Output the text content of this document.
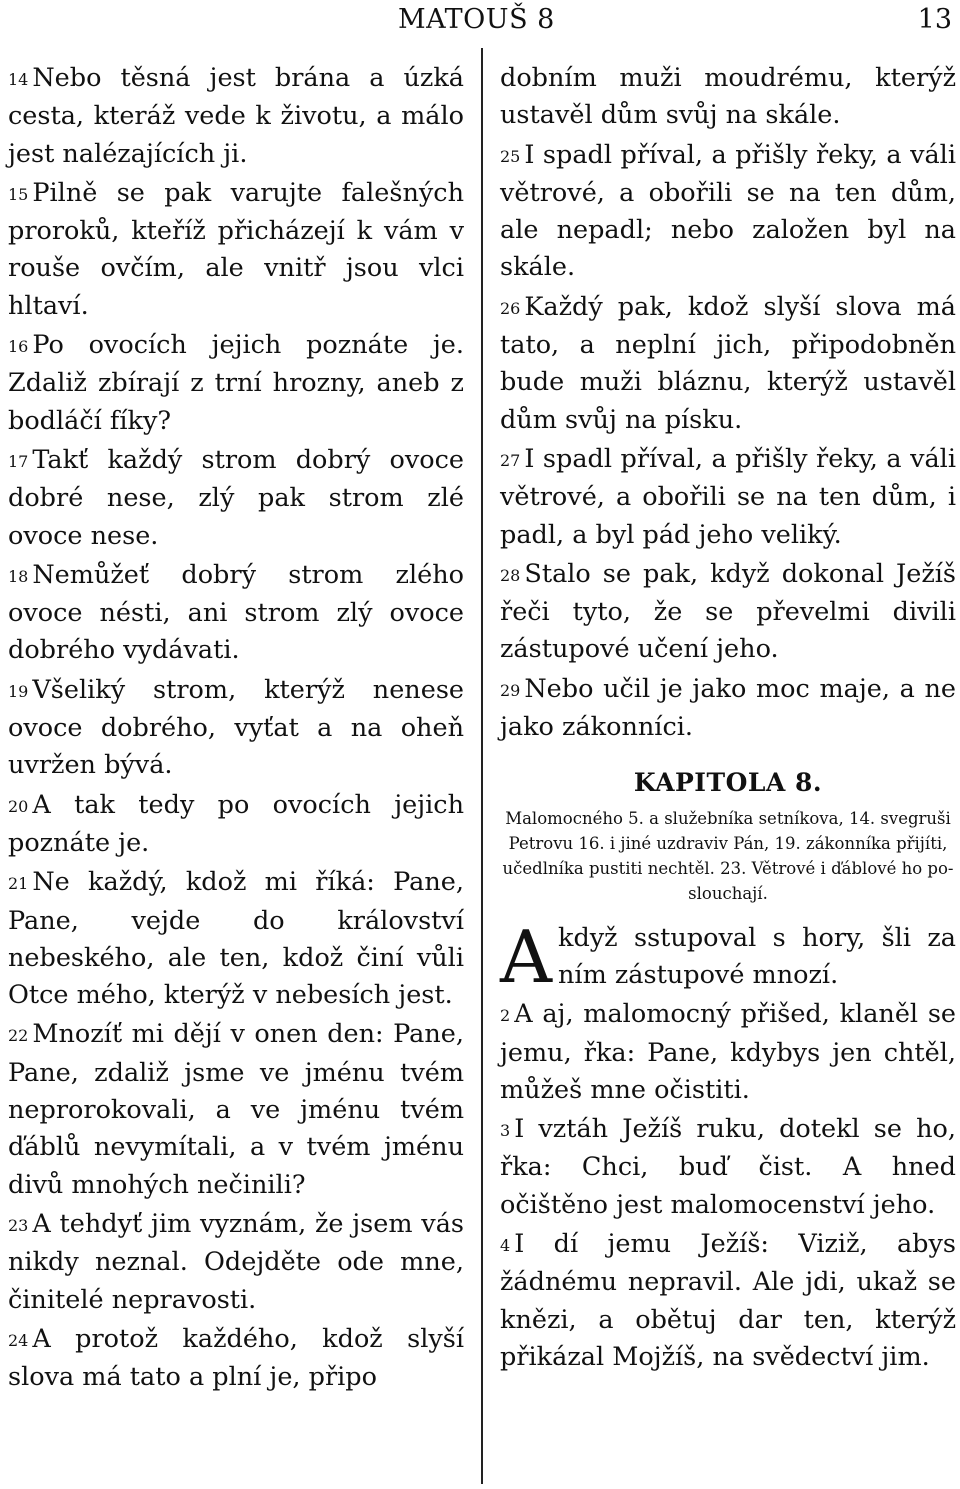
MATOUŠ 8	13

14 Nebo těsná jest brána a úzká cesta, kteráž vede k životu, a málo jest nalézajících ji.

15 Pilně se pak varujte falešných proroků, kteříž přicházejí k vám v rouše ovčím, ale vnitř jsou vlci hltaví.

16 Po ovocích jejich poznáte je. Zdaliž zbírají z trní hrozny, aneb z bodláčí fíky?

17 Takť každý strom dobrý ovoce dobré nese, zlý pak strom zlé ovoce nese.

18 Nemůžeť dobrý strom zlého ovoce nésti, ani strom zlý ovoce dobrého vydávati.

19 Všeliký strom, kterýž nenese ovoce dobrého, vyťat a na oheň uvržen bývá.

20 A tak tedy po ovocích jejich poznáte je.

21 Ne každý, kdož mi říká: Pane, Pane, vejde do království nebeského, ale ten, kdož činí vůli Otce mého, kterýž v nebesích jest.

22 Mnozíť mi dějí v onen den: Pane, Pane, zdaliž jsme ve jménu tvém neprorokovali, a ve jménu tvém ďáblů nevymítali, a v tvém jménu divů mnohých nečinili?

23 A tehdyť jim vyznám, že jsem vás nikdy neznal. Odejděte ode mne, činitelé nepravosti.

24 A protož každého, kdož slyší slova má tato a plní je, připo

dobním muži moudrému, kterýž ustavěl dům svůj na skále.

25 I spadl příval, a přišly řeky, a váli větrové, a obořili se na ten dům, ale nepadl; nebo založen byl na skále.

26 Každý pak, kdož slyší slova má tato, a neplní jich, připodobněn bude muži bláznu, kterýž ustavěl dům svůj na písku.

27 I spadl příval, a přišly řeky, a váli větrové, a obořili se na ten dům, i padl, a byl pád jeho veliký.

28 Stalo se pak, když dokonal Ježíš řeči tyto, že se převelmi divili zástupové učení jeho.

29 Nebo učil je jako moc maje, a ne jako zákonníci.

KAPITOLA 8.
Malomocného 5. a služebníka setníkova, 14. svegruši Petrovu 16. i jiné uzdraviv Pán, 19. zákonníka přijíti, učedlníka pustiti nechtěl. 23. Větrové i ďáblové ho poslouchají.

Akdyž sstupoval s hory, šli za ním zástupové mnozí.

2 A aj, malomocný přišed, klaněl se jemu, řka: Pane, kdybys jen chtěl, můžeš mne očistiti.

3 I vztáh Ježíš ruku, dotekl se ho, řka: Chci, buď čist. A hned očištěno jest malomocenství jeho.

4 I dí jemu Ježíš: Viziž, abys žádnému nepravil. Ale jdi, ukaž se knězi, a obětuj dar ten, kterýž přikázal Mojžíš, na svědectví jim.
